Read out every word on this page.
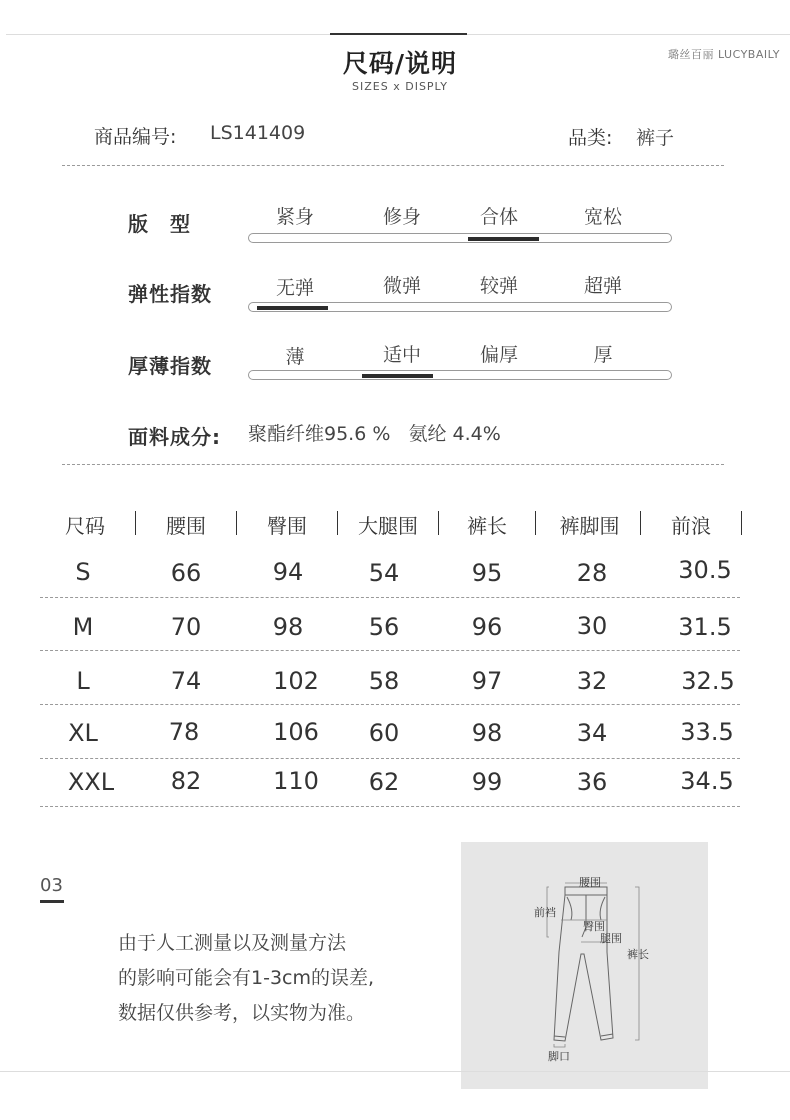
尺码/说明
SIZES x DISPLY
璐丝百丽 LUCYBAILY
商品编号: LS141409	品类: 裤子
版　型	紧身	修身	合体	宽松
弹性指数	无弹	微弹	较弹	超弹
厚薄指数	薄	适中	偏厚	厚
面料成分: 聚酯纤维95.6 %   氨纶 4.4%
尺码	腰围	臀围	大腿围	裤长	裤脚围	前浪
S	66	94	54	95	28	30.5
M	70	98	56	96	30	31.5
L	74	102	58	97	32	32.5
XL	78	106	60	98	34	33.5
XXL	82	110	62	99	36	34.5
03
由于人工测量以及测量方法
的影响可能会有1-3cm的误差,
数据仅供参考，以实物为准。
腰围
前裆
臀围
腿围
裤长
脚口
